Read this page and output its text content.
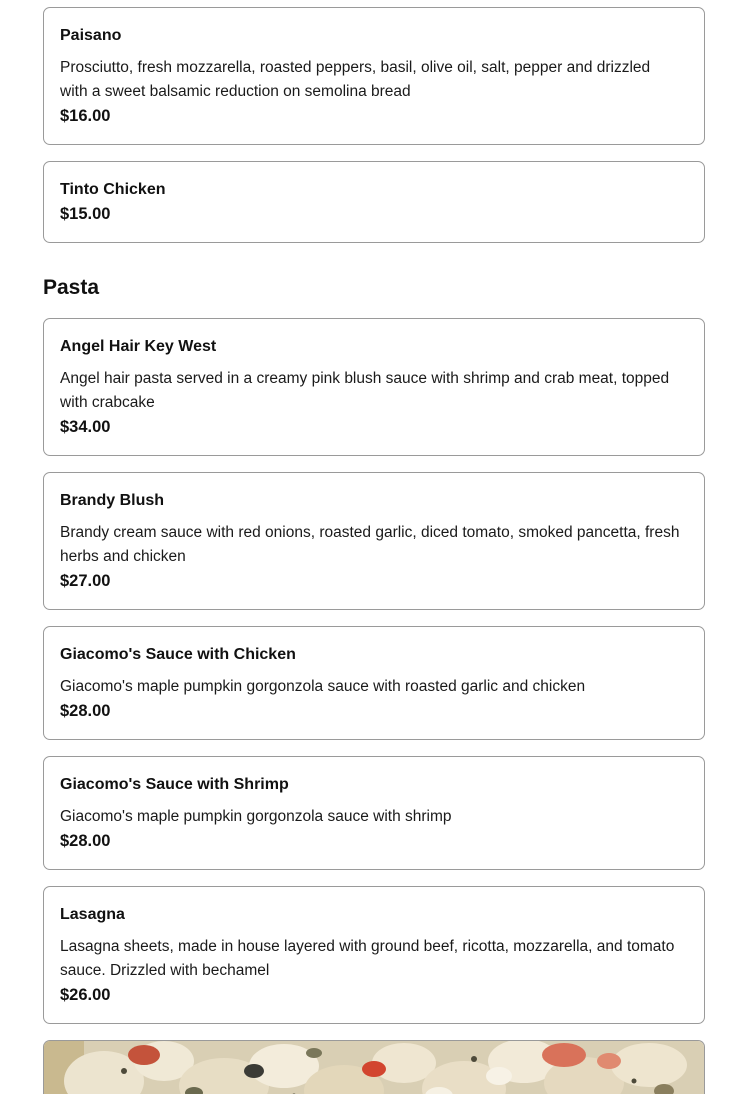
Paisano
Prosciutto, fresh mozzarella, roasted peppers, basil, olive oil, salt, pepper and drizzled with a sweet balsamic reduction on semolina bread
$16.00
Tinto Chicken
$15.00
Pasta
Angel Hair Key West
Angel hair pasta served in a creamy pink blush sauce with shrimp and crab meat, topped with crabcake
$34.00
Brandy Blush
Brandy cream sauce with red onions, roasted garlic, diced tomato, smoked pancetta, fresh herbs and chicken
$27.00
Giacomo's Sauce with Chicken
Giacomo's maple pumpkin gorgonzola sauce with roasted garlic and chicken
$28.00
Giacomo's Sauce with Shrimp
Giacomo's maple pumpkin gorgonzola sauce with shrimp
$28.00
Lasagna
Lasagna sheets, made in house layered with ground beef, ricotta, mozzarella, and tomato sauce. Drizzled with bechamel
$26.00
